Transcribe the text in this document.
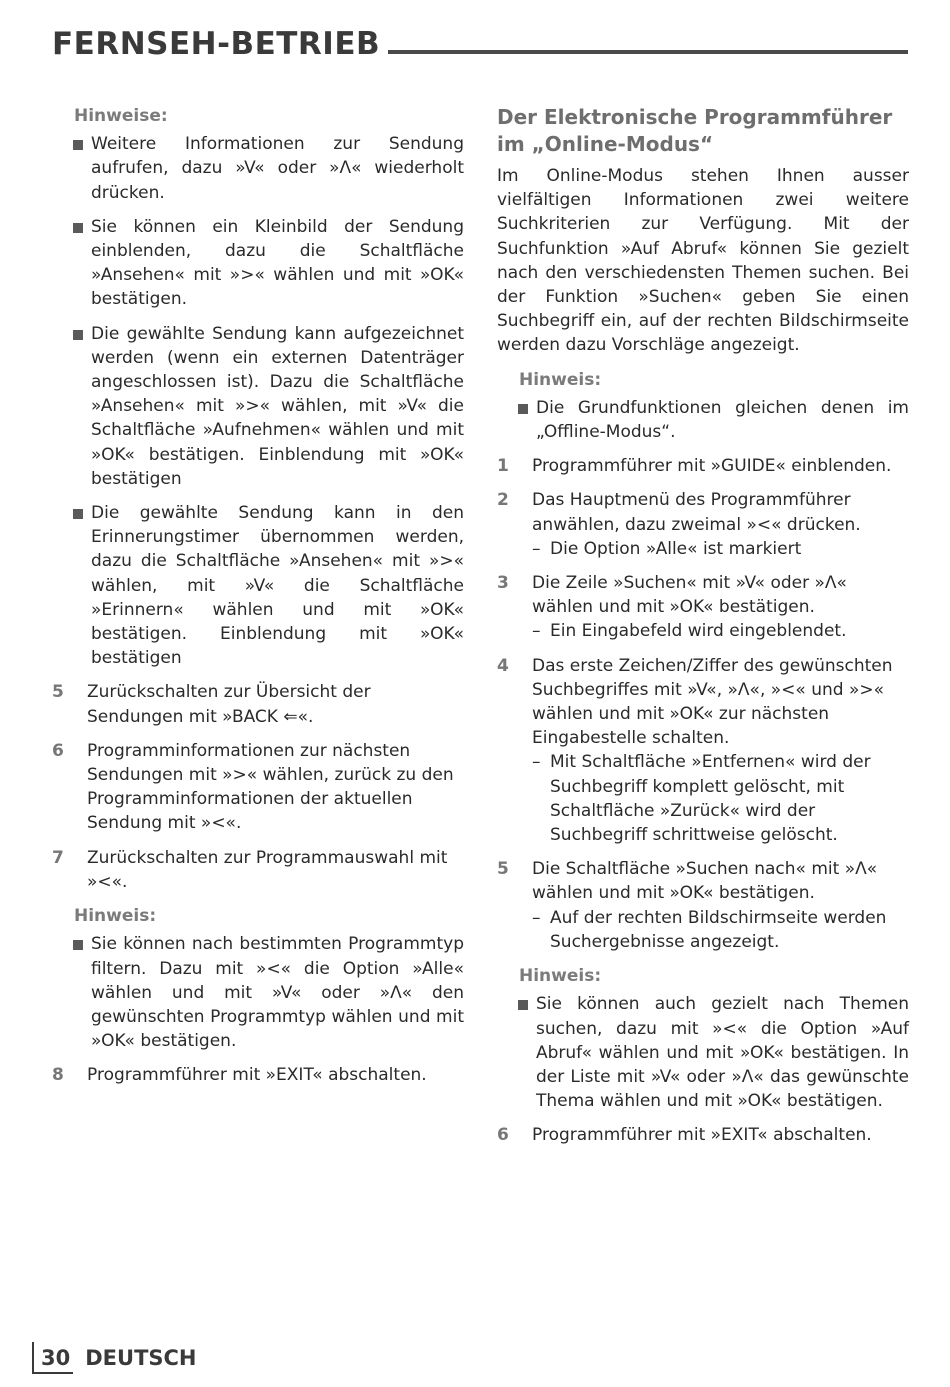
FERNSEH-BETRIEB
Hinweise:
Weitere Informationen zur Sendung aufrufen, dazu »V« oder »Λ« wiederholt drücken.
Sie können ein Kleinbild der Sendung einblenden, dazu die Schaltfläche »Ansehen« mit »>« wählen und mit »OK« bestätigen.
Die gewählte Sendung kann aufgezeichnet werden (wenn ein externen Datenträger angeschlossen ist). Dazu die Schaltfläche »Ansehen« mit »>« wählen, mit »V« die Schaltfläche »Aufnehmen« wählen und mit »OK« bestätigen. Einblendung mit »OK« bestätigen
Die gewählte Sendung kann in den Erinnerungstimer übernommen werden, dazu die Schaltfläche »Ansehen« mit »>« wählen, mit »V« die Schaltfläche »Erinnern« wählen und mit »OK« bestätigen. Einblendung mit »OK« bestätigen
5 Zurückschalten zur Übersicht der Sendungen mit »BACK ⇐«.
6 Programminformationen zur nächsten Sendungen mit »>« wählen, zurück zu den Programminformationen der aktuellen Sendung mit »<«.
7 Zurückschalten zur Programmauswahl mit »<«.
Hinweis:
Sie können nach bestimmten Programmtyp filtern. Dazu mit »<« die Option »Alle« wählen und mit »V« oder »Λ« den gewünschten Programmtyp wählen und mit »OK« bestätigen.
8 Programmführer mit »EXIT« abschalten.
Der Elektronische Programmführer im „Online-Modus“
Im Online-Modus stehen Ihnen ausser vielfältigen Informationen zwei weitere Suchkriterien zur Verfügung. Mit der Suchfunktion »Auf Abruf« können Sie gezielt nach den verschiedensten Themen suchen. Bei der Funktion »Suchen« geben Sie einen Suchbegriff ein, auf der rechten Bildschirmseite werden dazu Vorschläge angezeigt.
Hinweis:
Die Grundfunktionen gleichen denen im „Offline-Modus“.
1 Programmführer mit »GUIDE« einblenden.
2 Das Hauptmenü des Programmführer anwählen, dazu zweimal »<« drücken.
– Die Option »Alle« ist markiert
3 Die Zeile »Suchen« mit »V« oder »Λ« wählen und mit »OK« bestätigen.
– Ein Eingabefeld wird eingeblendet.
4 Das erste Zeichen/Ziffer des gewünschten Suchbegriffes mit »V«, »Λ«, »<« und »>« wählen und mit »OK« zur nächsten Eingabestelle schalten.
– Mit Schaltfläche »Entfernen« wird der Suchbegriff komplett gelöscht, mit Schaltfläche »Zurück« wird der Suchbegriff schrittweise gelöscht.
5 Die Schaltfläche »Suchen nach« mit »Λ« wählen und mit »OK« bestätigen.
– Auf der rechten Bildschirmseite werden Suchergebnisse angezeigt.
Hinweis:
Sie können auch gezielt nach Themen suchen, dazu mit »<« die Option »Auf Abruf« wählen und mit »OK« bestätigen. In der Liste mit »V« oder »Λ« das gewünschte Thema wählen und mit »OK« bestätigen.
6 Programmführer mit »EXIT« abschalten.
30 DEUTSCH
